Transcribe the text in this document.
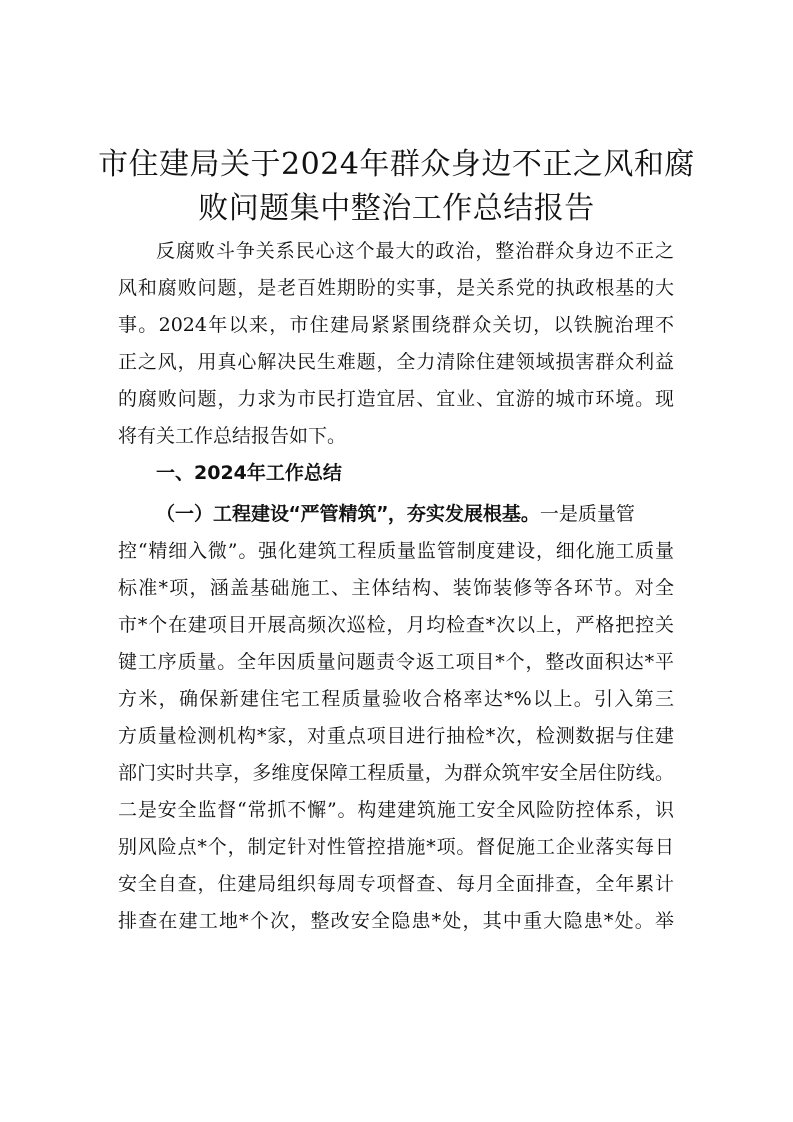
市住建局关于2024年群众身边不正之风和腐
败问题集中整治工作总结报告
反腐败斗争关系民心这个最大的政治，整治群众身边不正之
风和腐败问题，是老百姓期盼的实事，是关系党的执政根基的大
事。2024年以来，市住建局紧紧围绕群众关切，以铁腕治理不
正之风，用真心解决民生难题，全力清除住建领域损害群众利益
的腐败问题，力求为市民打造宜居、宜业、宜游的城市环境。现
将有关工作总结报告如下。
一、2024年工作总结
（一）工程建设“严管精筑”，夯实发展根基。一是质量管
控“精细入微”。强化建筑工程质量监管制度建设，细化施工质量
标准*项，涵盖基础施工、主体结构、装饰装修等各环节。对全
市*个在建项目开展高频次巡检，月均检查*次以上，严格把控关
键工序质量。全年因质量问题责令返工项目*个，整改面积达*平
方米，确保新建住宅工程质量验收合格率达*%以上。引入第三
方质量检测机构*家，对重点项目进行抽检*次，检测数据与住建
部门实时共享，多维度保障工程质量，为群众筑牢安全居住防线。
二是安全监督“常抓不懈”。构建建筑施工安全风险防控体系，识
别风险点*个，制定针对性管控措施*项。督促施工企业落实每日
安全自查，住建局组织每周专项督查、每月全面排查，全年累计
排查在建工地*个次，整改安全隐患*处，其中重大隐患*处。举
